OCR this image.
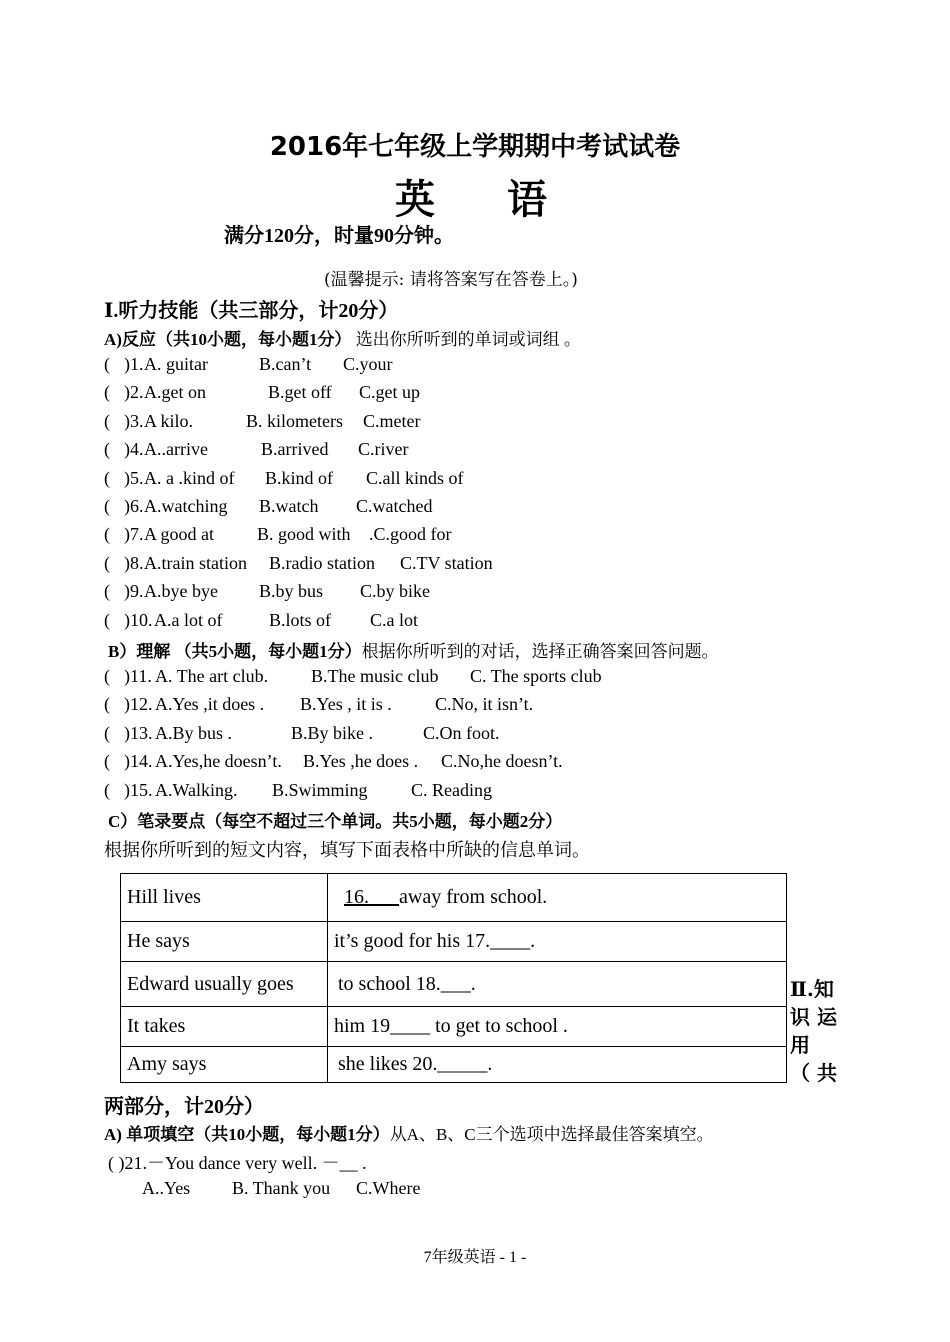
2016年七年级上学期期中考试试卷
英 语
满分120分，时量90分钟。
(温馨提示: 请将答案写在答卷上。)
Ⅰ.听力技能（共三部分，计20分）
A)反应（共10小题，每小题1分） 选出你所听到的单词或词组 。
( )1.A. guitar	B.can’t C.your
( )2.A.get on	B.get off C.get up
( )3.A kilo.	B. kilometers C.meter
( )4.A..arrive	B.arrived C.river
( )5.A. a .kind of B.kind of C.all kinds of
( )6.A.watching B.watch C.watched
( )7.A good at B. good with .C.good for
( )8.A.train station B.radio station C.TV station
( )9.A.bye bye B.by bus C.by bike
( )10.A.a lot of	B.lots of C.a lot
B）理解 （共5小题，每小题1分）根据你所听到的对话，选择正确答案回答问题。
( )11. A. The art club. B.The music club C. The sports club
( )12. A.Yes ,it does . B.Yes , it is . C.No, it isn’t.
( )13. A.By bus .	B.By bike .	C.On foot.
( )14. A.Yes,he doesn’t. B.Yes ,he does . C.No,he doesn’t.
( )15. A.Walking. B.Swimming C. Reading
C）笔录要点（每空不超过三个单词。共5小题，每小题2分）
根据你所听到的短文内容，填写下面表格中所缺的信息单词。
Hill lives	16.___away from school.
He says	it’s good for his 17.____.
Edward usually goes	to school 18.___.
It takes	him 19____ to get to school .
Amy says	she likes 20._____.
Ⅱ.知
识 运
用
（ 共
两部分，计20分）
A) 单项填空（共10小题，每小题1分）从A、B、C三个选项中选择最佳答案填空。
( )21.－You dance very well. －__ .
A..Yes B. Thank you C.Where
7年级英语 - 1 -
